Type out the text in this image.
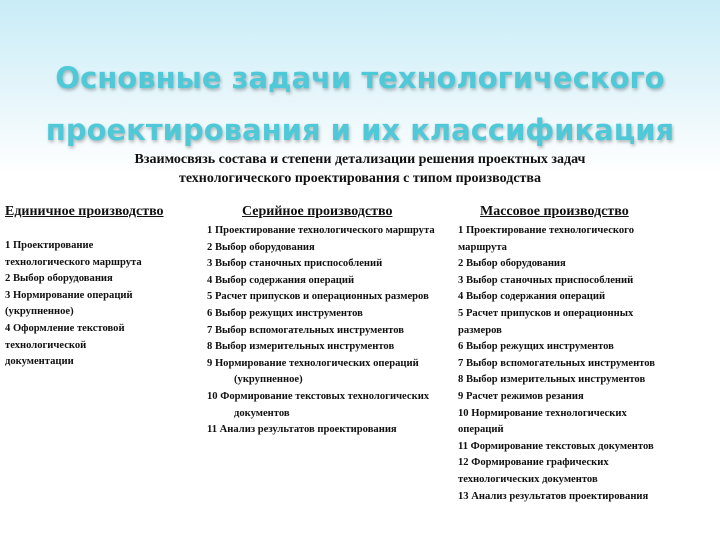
Основные задачи технологического
проектирования и их классификация
Взаимосвязь состава и степени детализации решения проектных задач
технологического проектирования с типом производства
Единичное производство	Серийное производство	Массовое производство
1 Проектирование
технологического маршрута
2 Выбор оборудования
3 Нормирование операций
(укрупненное)
4 Оформление текстовой
технологической
документации
1 Проектирование технологического маршрута
2 Выбор оборудования
3 Выбор станочных приспособлений
4 Выбор содержания операций
5 Расчет припусков и операционных размеров
6 Выбор режущих инструментов
7 Выбор вспомогательных инструментов
8 Выбор измерительных инструментов
9 Нормирование технологических операций (укрупненное)
10 Формирование текстовых технологических документов
11 Анализ результатов проектирования
1 Проектирование технологического
маршрута
2 Выбор оборудования
3 Выбор станочных приспособлений
4 Выбор содержания операций
5 Расчет припусков и операционных
размеров
6 Выбор режущих инструментов
7 Выбор вспомогательных инструментов
8 Выбор измерительных инструментов
9 Расчет режимов резания
10 Нормирование технологических
операций
11 Формирование текстовых документов
12 Формирование графических
технологических документов
13 Анализ результатов проектирования
